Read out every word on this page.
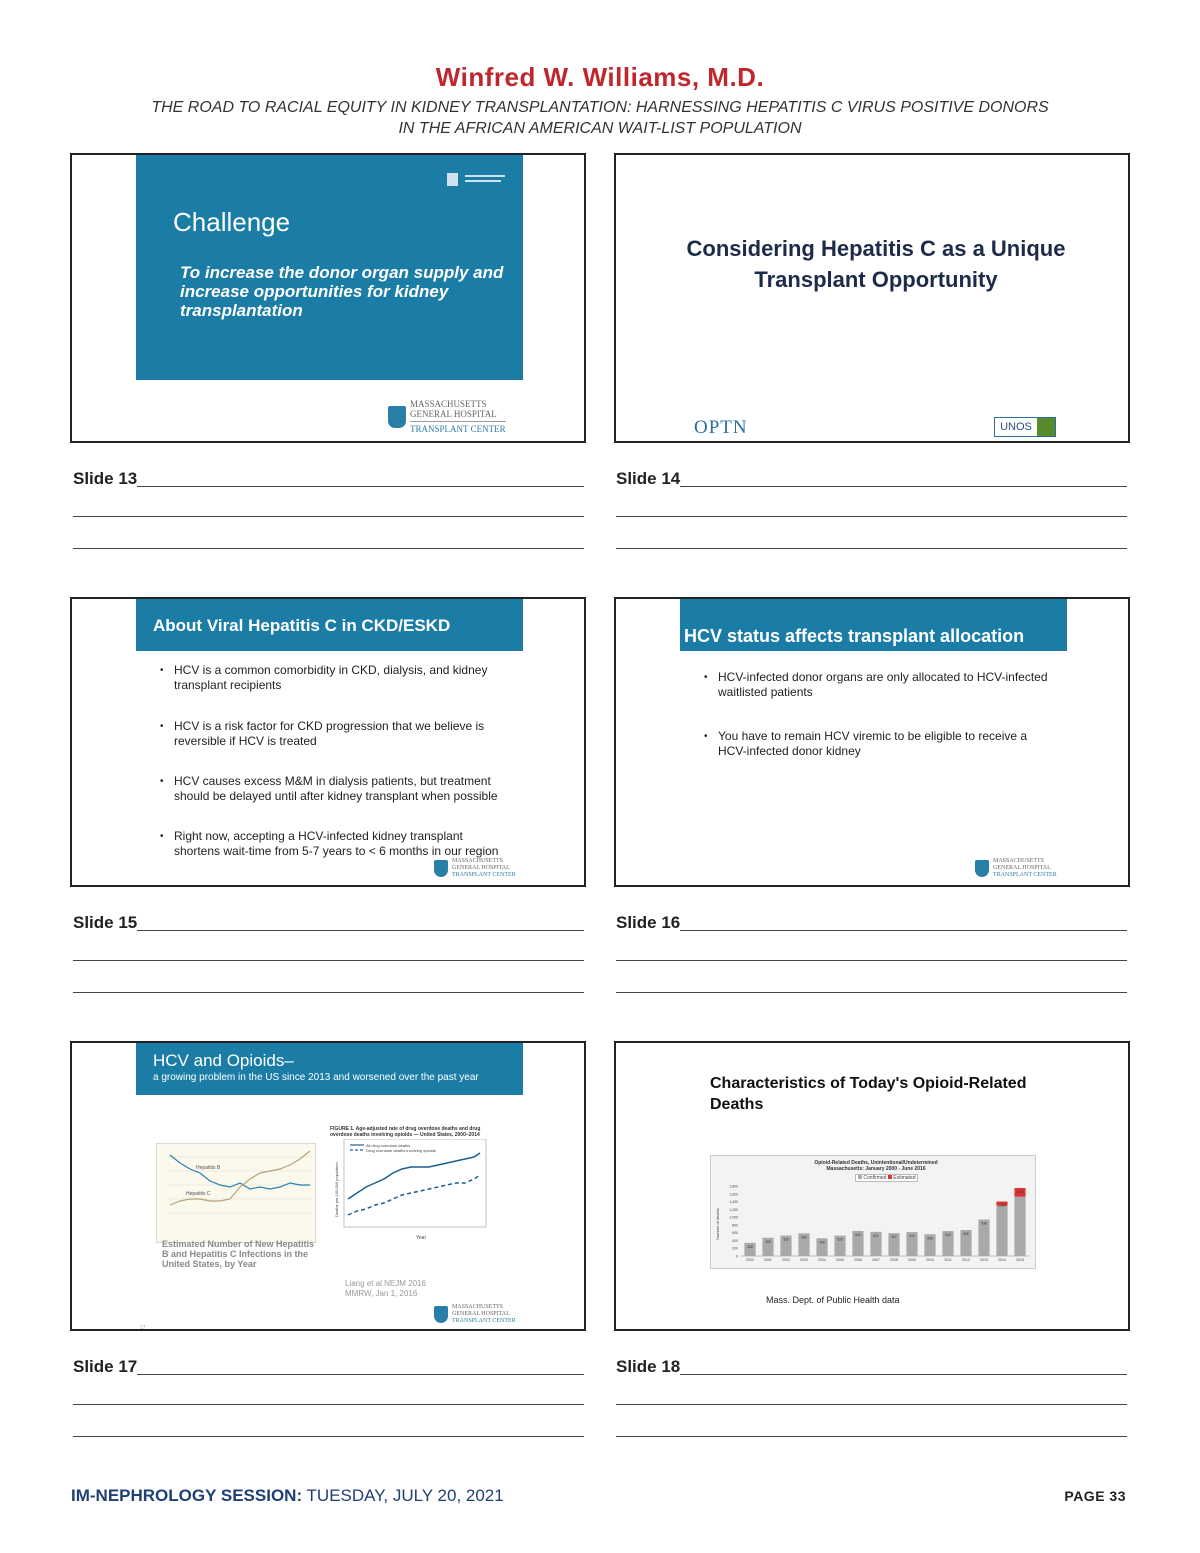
Winfred W. Williams, M.D.
THE ROAD TO RACIAL EQUITY IN KIDNEY TRANSPLANTATION: HARNESSING HEPATITIS C VIRUS POSITIVE DONORS IN THE AFRICAN AMERICAN WAIT-LIST POPULATION

Challenge
To increase the donor organ supply and increase opportunities for kidney transplantation
MASSACHUSETTS
GENERAL HOSPITAL
TRANSPLANT CENTER
Slide 13
Considering Hepatitis C as a Unique Transplant Opportunity
OPTN	UNOS
Slide 14
About Viral Hepatitis C in CKD/ESKD
• HCV is a common comorbidity in CKD, dialysis, and kidney transplant recipients
• HCV is a risk factor for CKD progression that we believe is reversible if HCV is treated
• HCV causes excess M&M in dialysis patients, but treatment should be delayed until after kidney transplant when possible
• Right now, accepting a HCV-infected kidney transplant shortens wait-time from 5-7 years to < 6 months in our region
MASSACHUSETTS
GENERAL HOSPITAL
TRANSPLANT CENTER
Slide 15
HCV status affects transplant allocation
• HCV-infected donor organs are only allocated to HCV-infected waitlisted patients
• You have to remain HCV viremic to be eligible to receive a HCV-infected donor kidney
MASSACHUSETTS
GENERAL HOSPITAL
TRANSPLANT CENTER
Slide 16
HCV and Opioids–
a growing problem in the US since 2013 and worsened over the past year
Hepatitis B
Hepatitis C
Estimated Number of New Hepatitis B and Hepatitis C Infections in the United States, by Year
FIGURE 1. Age-adjusted rate of drug overdose deaths and drug overdose deaths involving opioids — United States, 2000–2014
All drug overdose deaths
Drug overdose deaths involving opioids
Year
Deaths per 100,000 population
Liang et al NEJM 2016 MMRW, Jan 1, 2016
MASSACHUSETTS
GENERAL HOSPITAL
TRANSPLANT CENTER
17
Slide 17
Characteristics of Today's Opioid-Related Deaths
Opioid-Related Deaths, Unintentional/Undetermined Massachusetts: January 2000 - June 2016
Confirmed Estimated
0
200
400
600
800
1,000
1,200
1,400
1,600
1,800
338
2000
468
2001
526
2002
582
2003
456
2004
525
2005
643
2006
621
2007
587
2008
613
2009
559
2010
642
2011
668
2012
938
2013
1,294
2014
1,526
2015
Number of deaths
Mass. Dept. of Public Health data
Slide 18
IM-NEPHROLOGY SESSION: TUESDAY, JULY 20, 2021	PAGE 33
